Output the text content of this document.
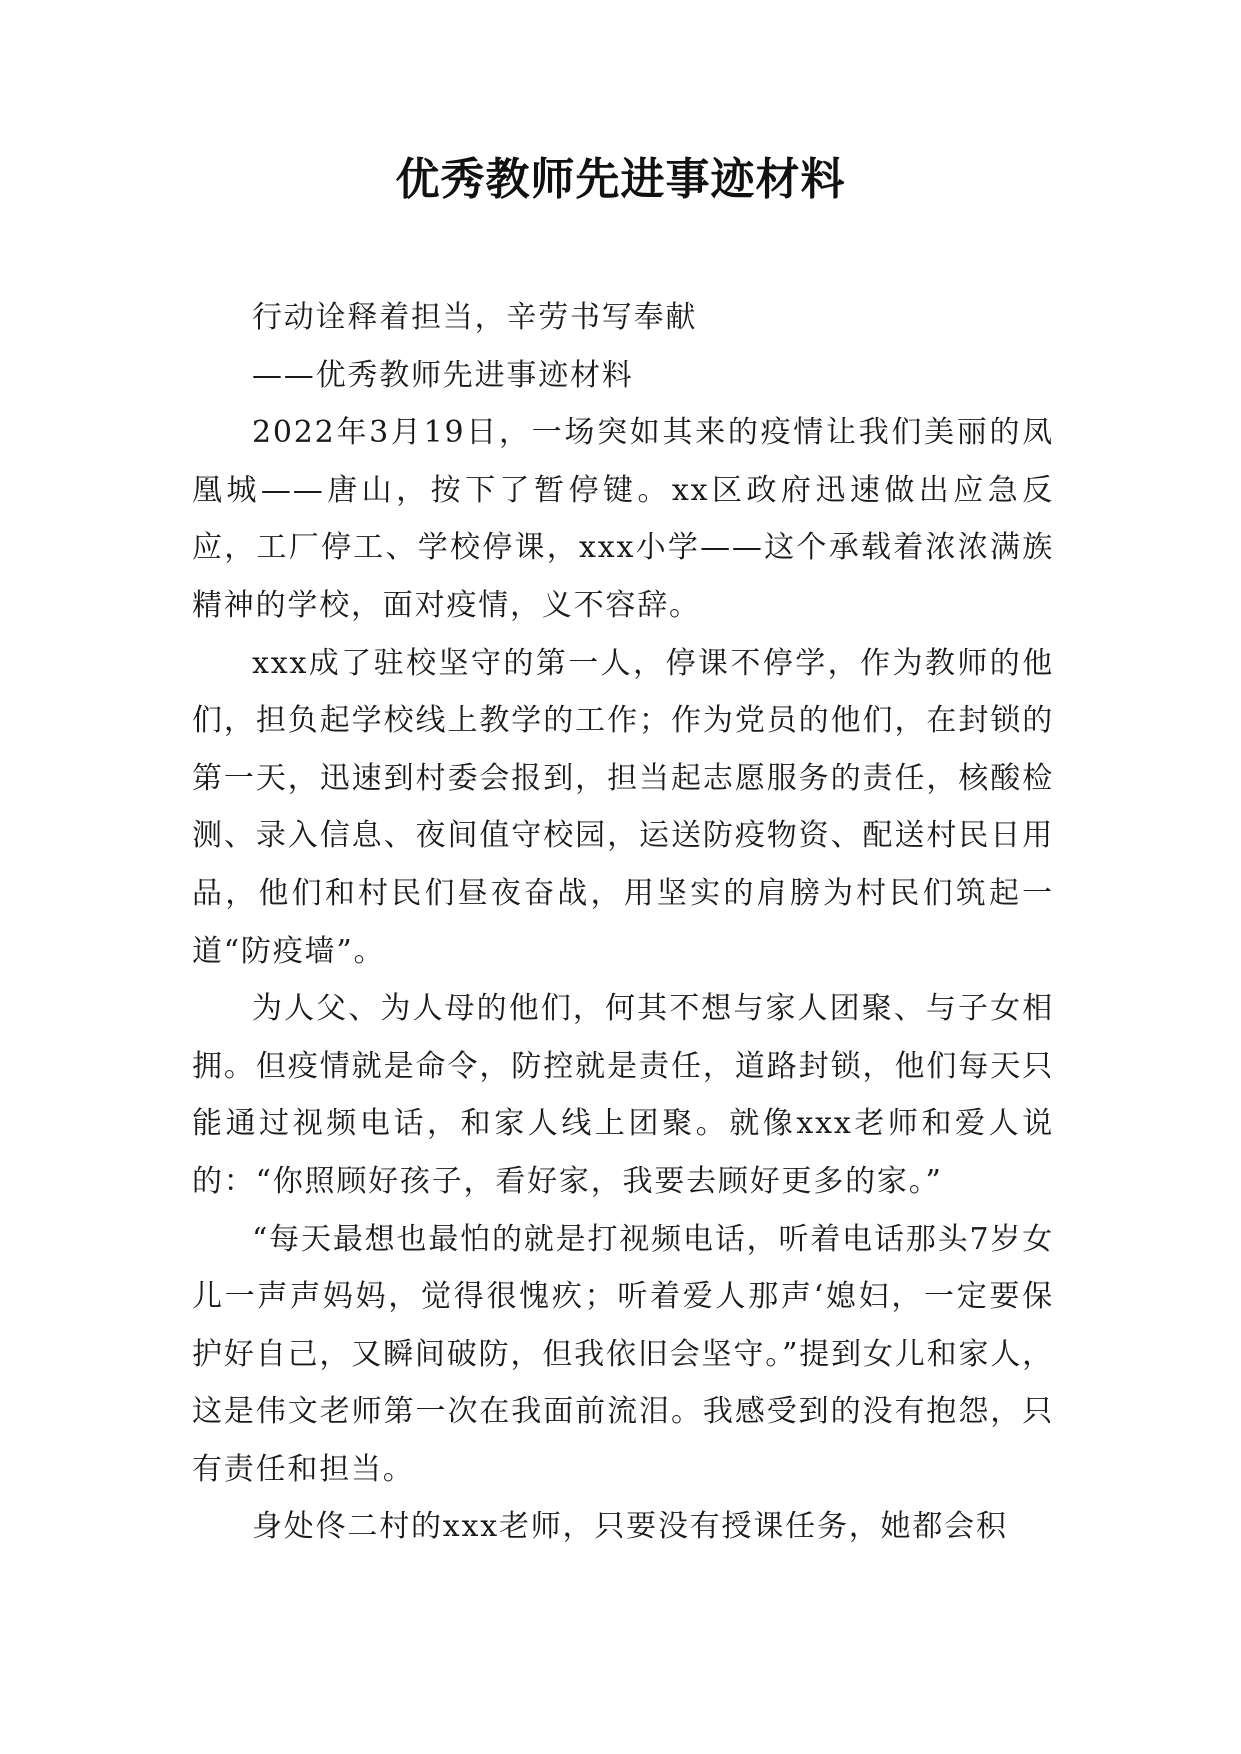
优秀教师先进事迹材料

行动诠释着担当，辛劳书写奉献

——优秀教师先进事迹材料

2022年3月19日，一场突如其来的疫情让我们美丽的凤凰城——唐山，按下了暂停键。xx区政府迅速做出应急反应，工厂停工、学校停课，xxx小学——这个承载着浓浓满族精神的学校，面对疫情，义不容辞。

xxx成了驻校坚守的第一人，停课不停学，作为教师的他们，担负起学校线上教学的工作；作为党员的他们，在封锁的第一天，迅速到村委会报到，担当起志愿服务的责任，核酸检测、录入信息、夜间值守校园，运送防疫物资、配送村民日用品，他们和村民们昼夜奋战，用坚实的肩膀为村民们筑起一道“防疫墙”。

为人父、为人母的他们，何其不想与家人团聚、与子女相拥。但疫情就是命令，防控就是责任，道路封锁，他们每天只能通过视频电话，和家人线上团聚。就像xxx老师和爱人说的：“你照顾好孩子，看好家，我要去顾好更多的家。”

“每天最想也最怕的就是打视频电话，听着电话那头7岁女儿一声声妈妈，觉得很愧疚；听着爱人那声‘媳妇，一定要保护好自己，又瞬间破防，但我依旧会坚守。”提到女儿和家人，这是伟文老师第一次在我面前流泪。我感受到的没有抱怨，只有责任和担当。

身处佟二村的xxx老师，只要没有授课任务，她都会积
